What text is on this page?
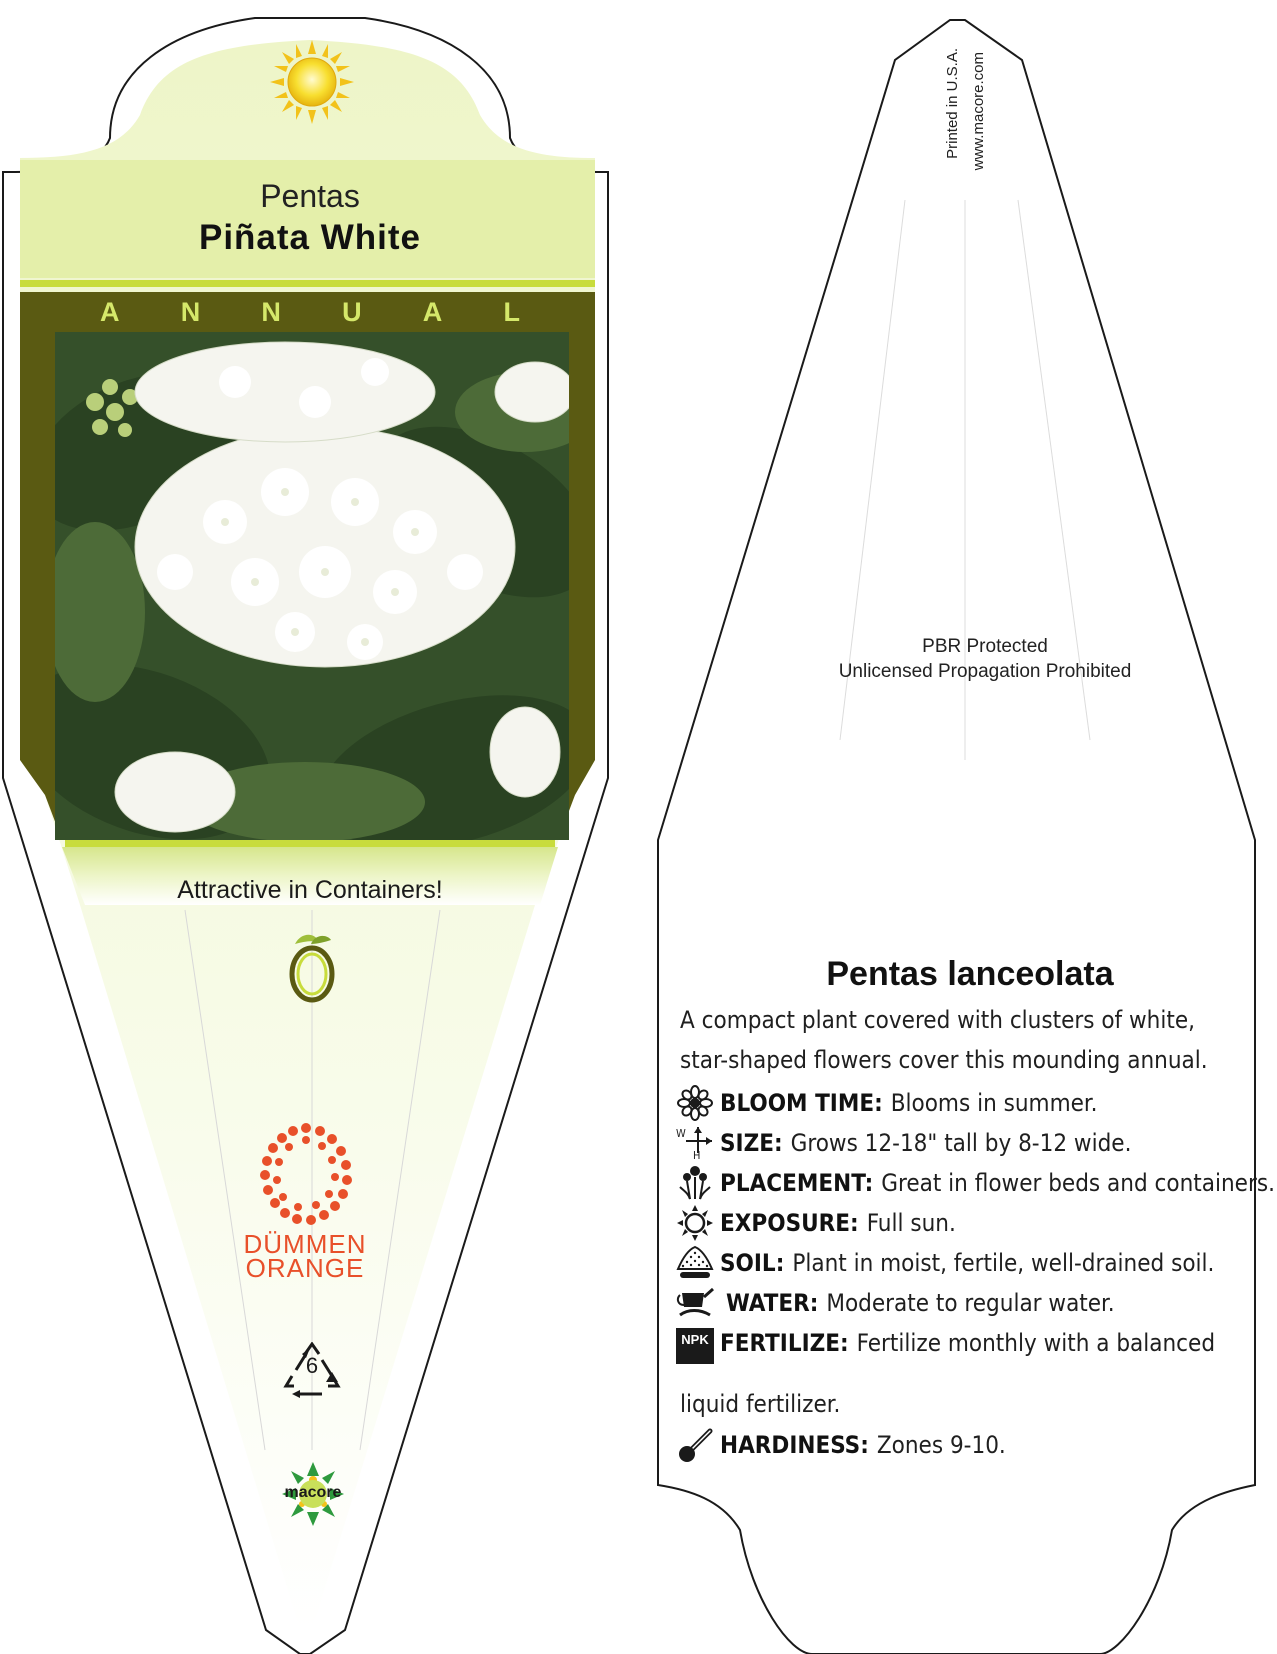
Pentas
Piñata White
A N N U A L
Attractive in Containers!
DÜMMEN
ORANGE
6
macore
Printed in U.S.A. www.macore.com
PBR Protected
Unlicensed Propagation Prohibited
Pentas lanceolata
A compact plant covered with clusters of white,
star-shaped flowers cover this mounding annual.
BLOOM TIME: Blooms in summer.
W
H SIZE: Grows 12-18" tall by 8-12 wide.
PLACEMENT: Great in flower beds and containers.
EXPOSURE: Full sun.
SOIL: Plant in moist, fertile, well-drained soil.
WATER: Moderate to regular water.
NPK FERTILIZE: Fertilize monthly with a balanced
liquid fertilizer.
HARDINESS: Zones 9-10.
